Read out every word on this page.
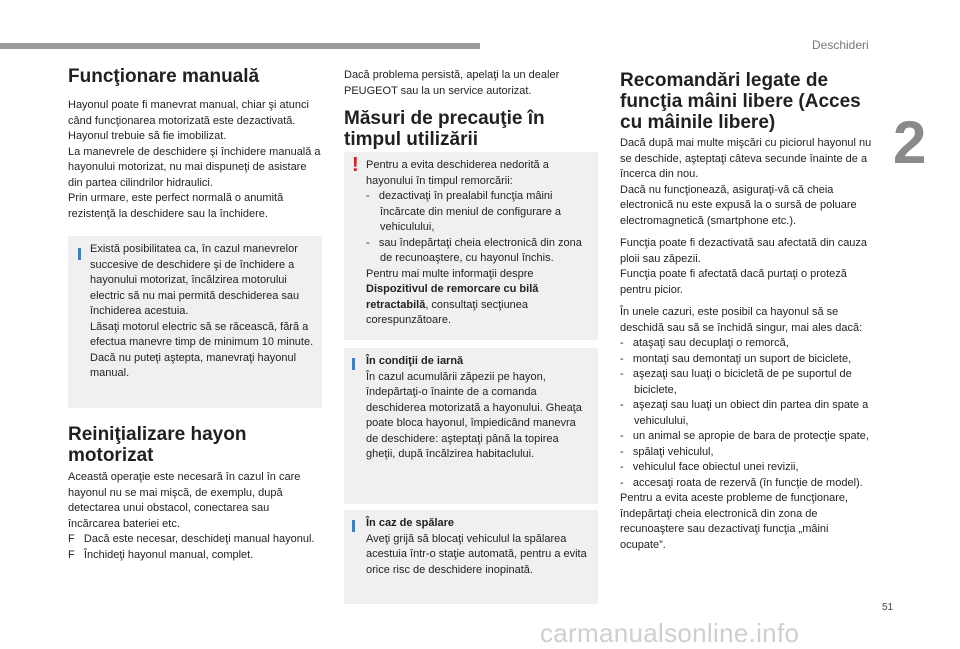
Deschideri
2
51
carmanualsonline.info
Funcţionare manuală
Hayonul poate fi manevrat manual, chiar şi atunci când funcţionarea motorizată este dezactivată.
Hayonul trebuie să fie imobilizat.
La manevrele de deschidere şi închidere manuală a hayonului motorizat, nu mai dispuneţi de asistare din partea cilindrilor hidraulici.
Prin urmare, este perfect normală o anumită rezistenţă la deschidere sau la închidere.
Există posibilitatea ca, în cazul manevrelor succesive de deschidere şi de închidere a hayonului motorizat, încălzirea motorului electric să nu mai permită deschiderea sau închiderea acestuia.
Lăsaţi motorul electric să se răcească, fără a efectua manevre timp de minimum 10 minute.
Dacă nu puteţi aştepta, manevraţi hayonul manual.
Reiniţializare hayon motorizat
Această operaţie este necesară în cazul în care hayonul nu se mai mişcă, de exemplu, după detectarea unui obstacol, conectarea sau încărcarea bateriei etc.
F Dacă este necesar, deschideţi manual hayonul.
F Închideţi hayonul manual, complet.
Dacă problema persistă, apelaţi la un dealer PEUGEOT sau la un service autorizat.
Măsuri de precauţie în timpul utilizării
! Pentru a evita deschiderea nedorită a hayonului în timpul remorcării:
-   dezactivaţi în prealabil funcţia mâini încărcate din meniul de configurare a vehiculului,
-   sau îndepărtaţi cheia electronică din zona de recunoaştere, cu hayonul închis.
Pentru mai multe informaţii despre Dispozitivul de remorcare cu bilă retractabilă, consultaţi secţiunea corespunzătoare.
În condiţii de iarnă
În cazul acumulării zăpezii pe hayon, îndepărtaţi-o înainte de a comanda deschiderea motorizată a hayonului. Gheaţa poate bloca hayonul, împiedicând manevra de deschidere: aşteptaţi până la topirea gheţii, după încălzirea habitaclului.
În caz de spălare
Aveţi grijă să blocaţi vehiculul la spălarea acestuia într-o staţie automată, pentru a evita orice risc de deschidere inopinată.
Recomandări legate de funcţia mâini libere (Acces cu mâinile libere)
Dacă după mai multe mişcări cu piciorul hayonul nu se deschide, aşteptaţi câteva secunde înainte de a încerca din nou.
Dacă nu funcţionează, asiguraţi-vă că cheia electronică nu este expusă la o sursă de poluare electromagnetică (smartphone etc.).
Funcţia poate fi dezactivată sau afectată din cauza ploii sau zăpezii.
Funcţia poate fi afectată dacă purtaţi o proteză pentru picior.
În unele cazuri, este posibil ca hayonul să se deschidă sau să se închidă singur, mai ales dacă:
-   ataşaţi sau decuplaţi o remorcă,
-   montaţi sau demontaţi un suport de biciclete,
-   aşezaţi sau luaţi o bicicletă de pe suportul de biciclete,
-   aşezaţi sau luaţi un obiect din partea din spate a vehiculului,
-   un animal se apropie de bara de protecţie spate,
-   spălaţi vehiculul,
-   vehiculul face obiectul unei revizii,
-   accesaţi roata de rezervă (în funcţie de model).
Pentru a evita aceste probleme de funcţionare, îndepărtaţi cheia electronică din zona de recunoaştere sau dezactivaţi funcţia „mâini ocupate”.
